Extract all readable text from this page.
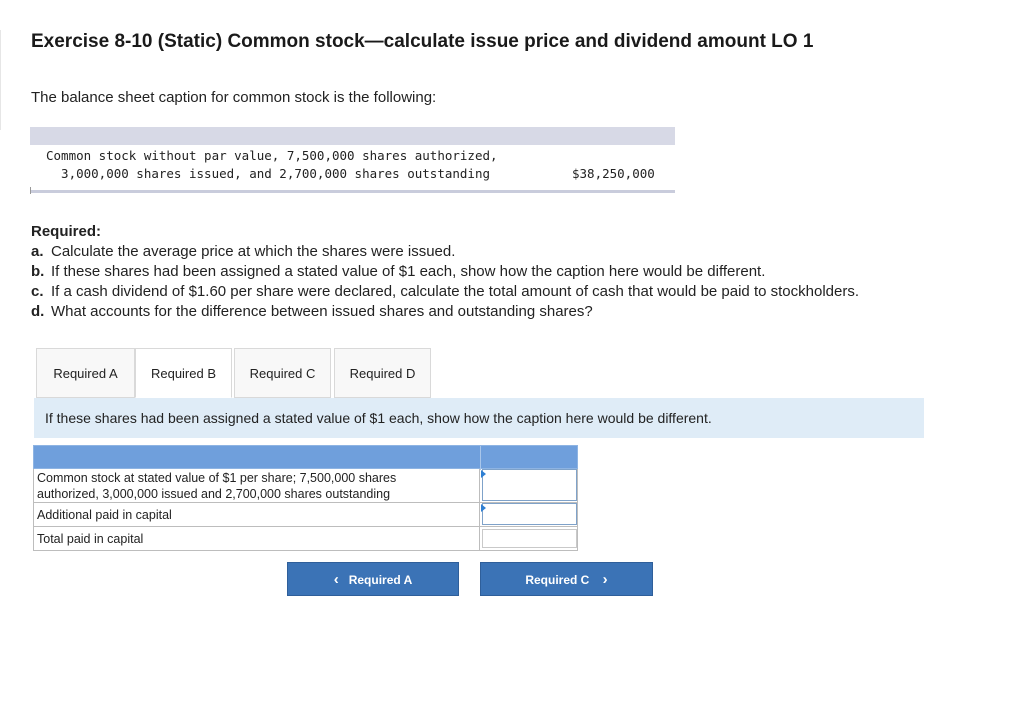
Exercise 8-10 (Static) Common stock—calculate issue price and dividend amount LO 1

The balance sheet caption for common stock is the following:

Common stock without par value, 7,500,000 shares authorized,
3,000,000 shares issued, and 2,700,000 shares outstanding	$38,250,000
Required:
a. Calculate the average price at which the shares were issued.
b. If these shares had been assigned a stated value of $1 each, show how the caption here would be different.
c. If a cash dividend of $1.60 per share were declared, calculate the total amount of cash that would be paid to stockholders.
d. What accounts for the difference between issued shares and outstanding shares?
Required A	Required B	Required C	Required D
If these shares had been assigned a stated value of $1 each, show how the caption here would be different.
Common stock at stated value of $1 per share; 7,500,000 shares
authorized, 3,000,000 issued and 2,700,000 shares outstanding
Additional paid in capital
Total paid in capital
‹ Required A	Required C ›
